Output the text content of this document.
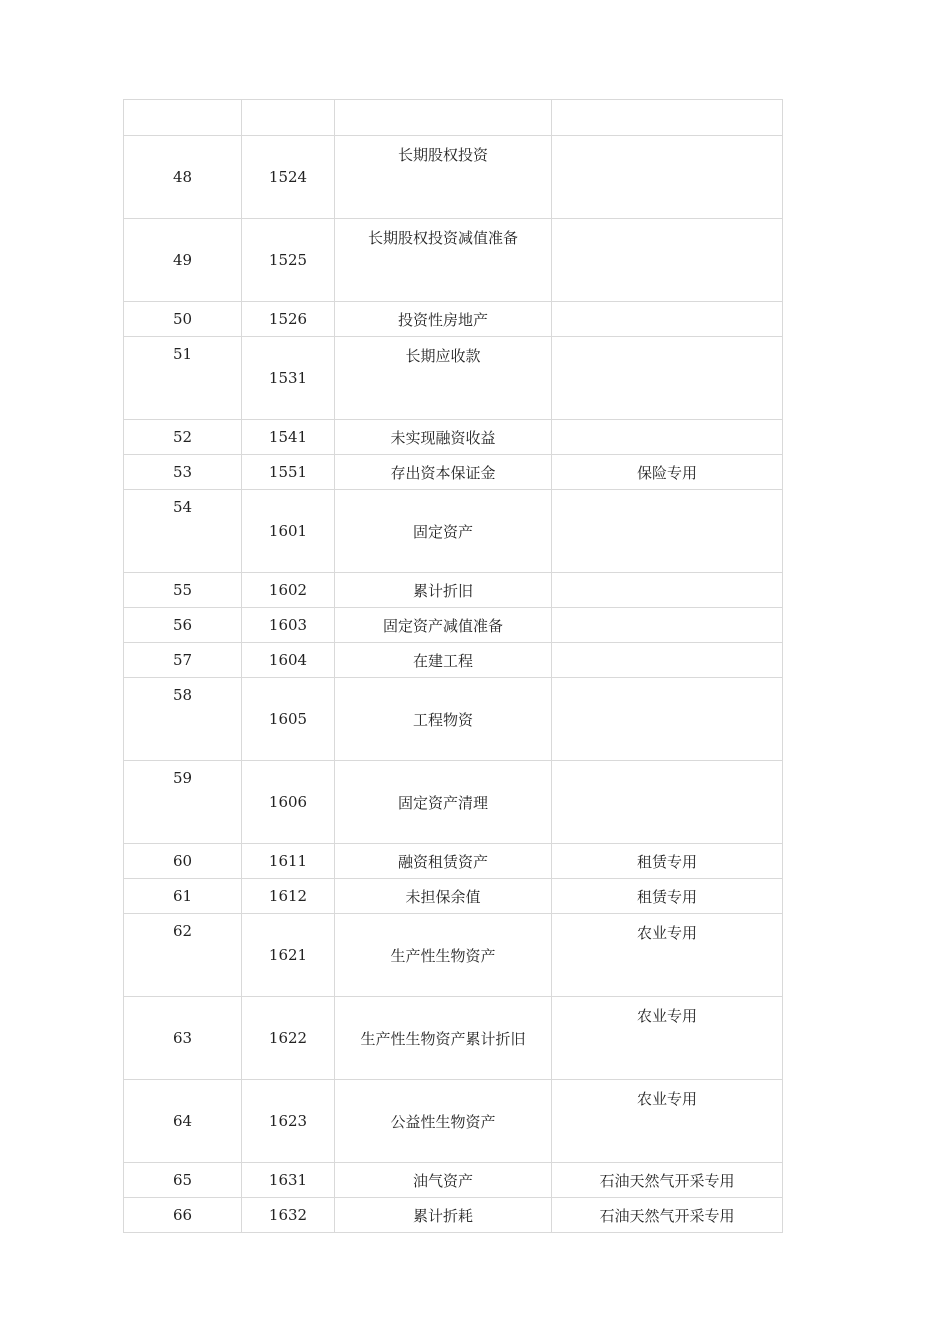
48	1524	长期股权投资	

49	1525	长期股权投资减值准备	

50	1526	投资性房地产	

51	1531	长期应收款	

52	1541	未实现融资收益	

53	1551	存出资本保证金	保险专用

54	1601	固定资产	

55	1602	累计折旧	

56	1603	固定资产减值准备	

57	1604	在建工程	

58	1605	工程物资	

59	1606	固定资产清理	

60	1611	融资租赁资产	租赁专用

61	1612	未担保余值	租赁专用

62	1621	生产性生物资产	农业专用

63	1622	生产性生物资产累计折旧	农业专用

64	1623	公益性生物资产	农业专用

65	1631	油气资产	石油天然气开采专用

66	1632	累计折耗	石油天然气开采专用
